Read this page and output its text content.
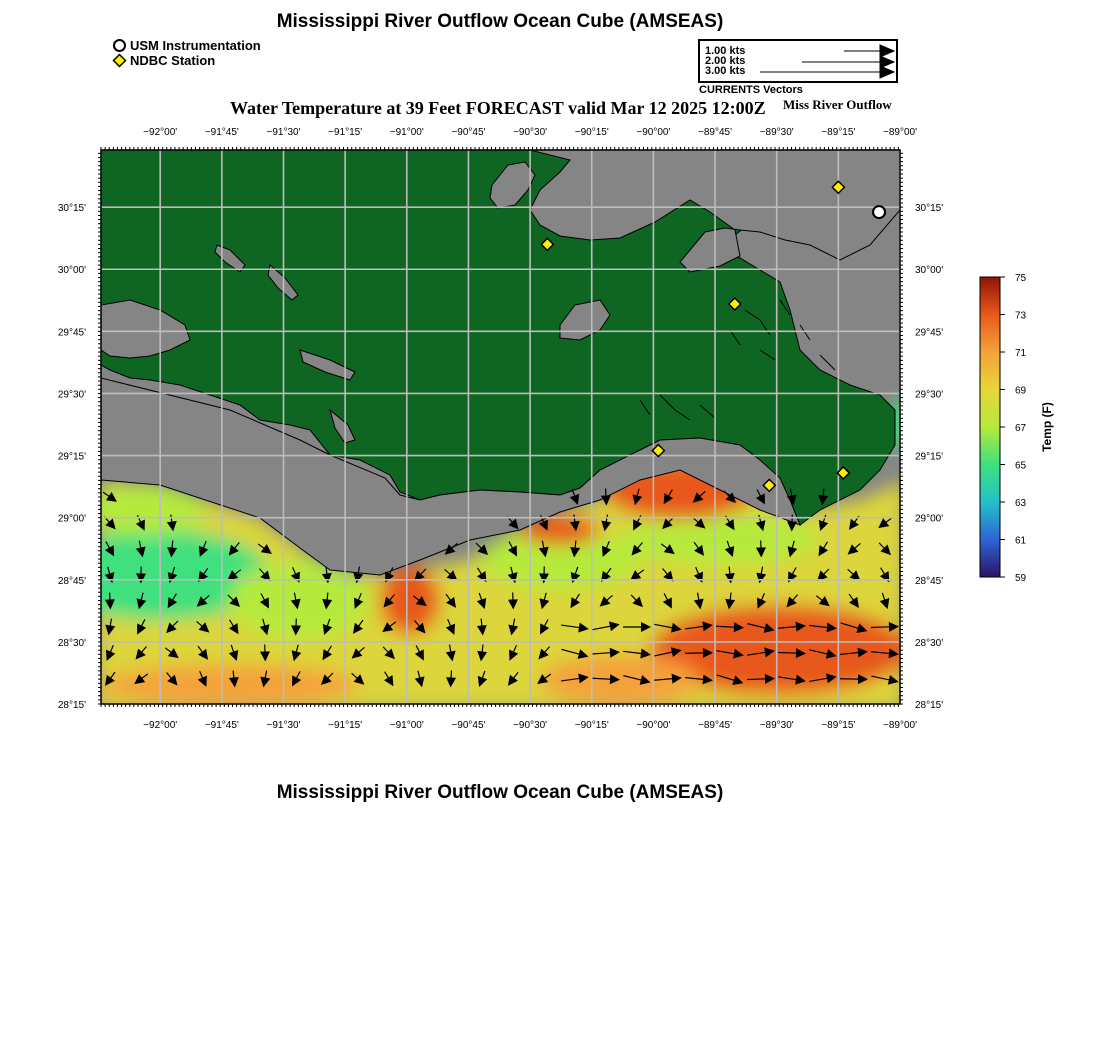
Mississippi River Outflow Ocean Cube (AMSEAS)
USM Instrumentation
NDBC Station
1.00 kts
2.00 kts
3.00 kts
CURRENTS Vectors
Water Temperature at 39 Feet FORECAST valid Mar 12 2025 12:00Z Miss River Outflow
−92°00'	−91°45'	−91°30'	−91°15'	−91°00'	−90°45'	−90°30'	−90°15'	−90°00'	−89°45'	−89°30'	−89°15'	−89°00'
−92°00'	−91°45'	−91°30'	−91°15'	−91°00'	−90°45'	−90°30'	−90°15'	−90°00'	−89°45'	−89°30'	−89°15'	−89°00'
30°15'
30°00'
29°45'
29°30'
29°15'
29°00'
28°45'
28°30'
28°15'
30°15'
30°00'
29°45'
29°30'
29°15'
29°00'
28°45'
28°30'
28°15'
75
73
71
69
67
65
63
61
59
Temp (F)
Mississippi River Outflow Ocean Cube (AMSEAS)
